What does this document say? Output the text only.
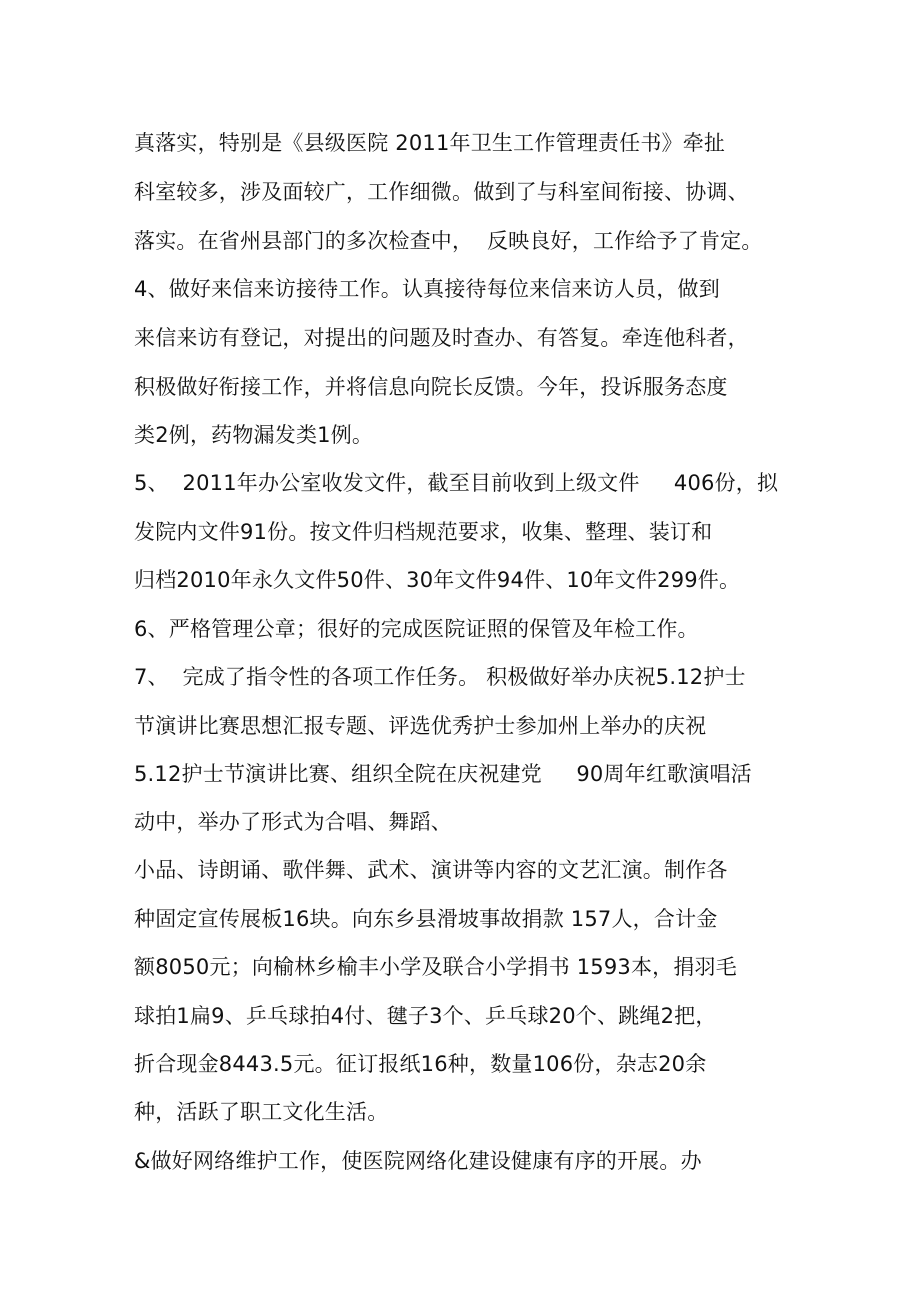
真落实，特别是《县级医院 2011年卫生工作管理责任书》牵扯
科室较多，涉及面较广，工作细微。做到了与科室间衔接、协调、
落实。在省州县部门的多次检查中，  反映良好，工作给予了肯定。
4、做好来信来访接待工作。认真接待每位来信来访人员，做到
来信来访有登记，对提出的问题及时查办、有答复。牵连他科者，
积极做好衔接工作，并将信息向院长反馈。今年，投诉服务态度
类2例，药物漏发类1例。
5、  2011年办公室收发文件，截至目前收到上级文件     406份，拟
发院内文件91份。按文件归档规范要求，收集、整理、装订和
归档2010年永久文件50件、30年文件94件、10年文件299件。
6、严格管理公章；很好的完成医院证照的保管及年检工作。
7、  完成了指令性的各项工作任务。 积极做好举办庆祝5.12护士
节演讲比赛思想汇报专题、评选优秀护士参加州上举办的庆祝
5.12护士节演讲比赛、组织全院在庆祝建党     90周年红歌演唱活
动中，举办了形式为合唱、舞蹈、
小品、诗朗诵、歌伴舞、武术、演讲等内容的文艺汇演。制作各
种固定宣传展板16块。向东乡县滑坡事故捐款 157人，合计金
额8050元；向榆林乡榆丰小学及联合小学捐书 1593本，捐羽毛
球拍1扁9、乒乓球拍4付、毽子3个、乒乓球20个、跳绳2把，
折合现金8443.5元。征订报纸16种，数量106份，杂志20余
种，活跃了职工文化生活。
&做好网络维护工作，使医院网络化建设健康有序的开展。办
